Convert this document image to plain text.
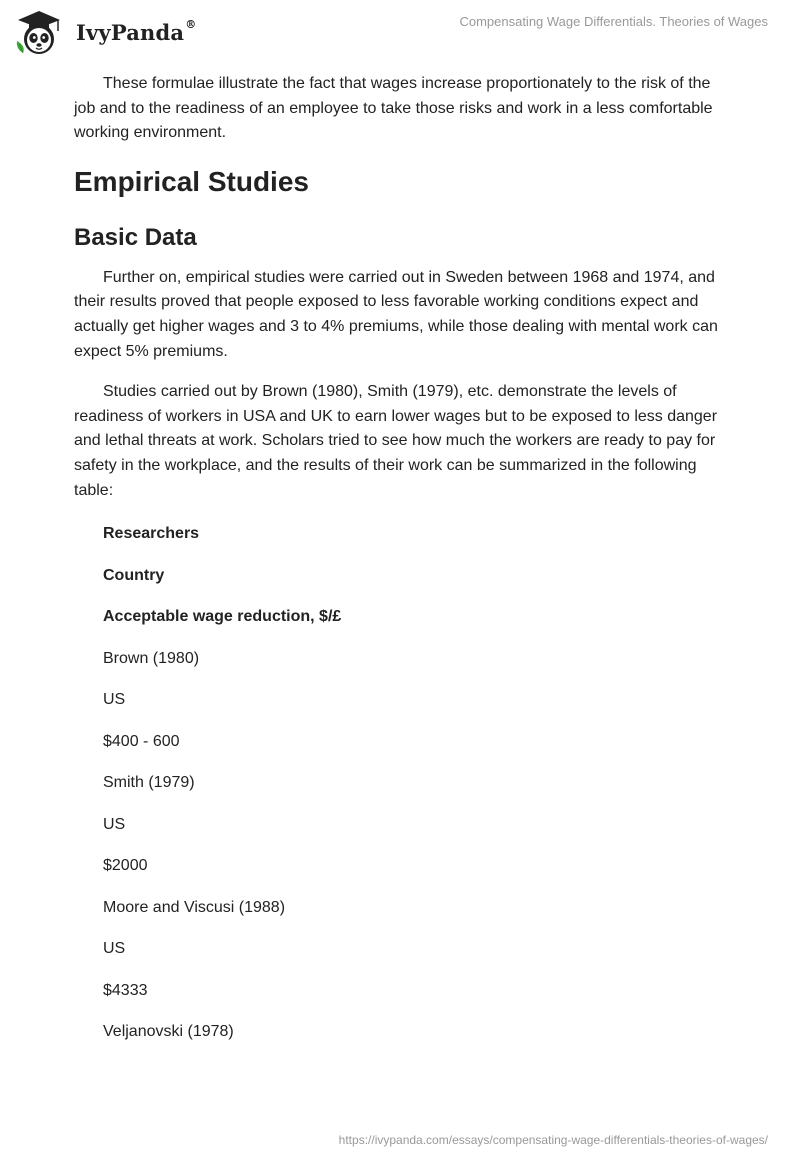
IvyPanda®	Compensating Wage Differentials. Theories of Wages

These formulae illustrate the fact that wages increase proportionately to the risk of the job and to the readiness of an employee to take those risks and work in a less comfortable working environment.

Empirical Studies
Basic Data

Further on, empirical studies were carried out in Sweden between 1968 and 1974, and their results proved that people exposed to less favorable working conditions expect and actually get higher wages and 3 to 4% premiums, while those dealing with mental work can expect 5% premiums.

Studies carried out by Brown (1980), Smith (1979), etc. demonstrate the levels of readiness of workers in USA and UK to earn lower wages but to be exposed to less danger and lethal threats at work. Scholars tried to see how much the workers are ready to pay for safety in the workplace, and the results of their work can be summarized in the following table:

Researchers
Country
Acceptable wage reduction, $/£
Brown (1980)
US
$400 - 600
Smith (1979)
US
$2000
Moore and Viscusi (1988)
US
$4333
Veljanovski (1978)
https://ivypanda.com/essays/compensating-wage-differentials-theories-of-wages/
